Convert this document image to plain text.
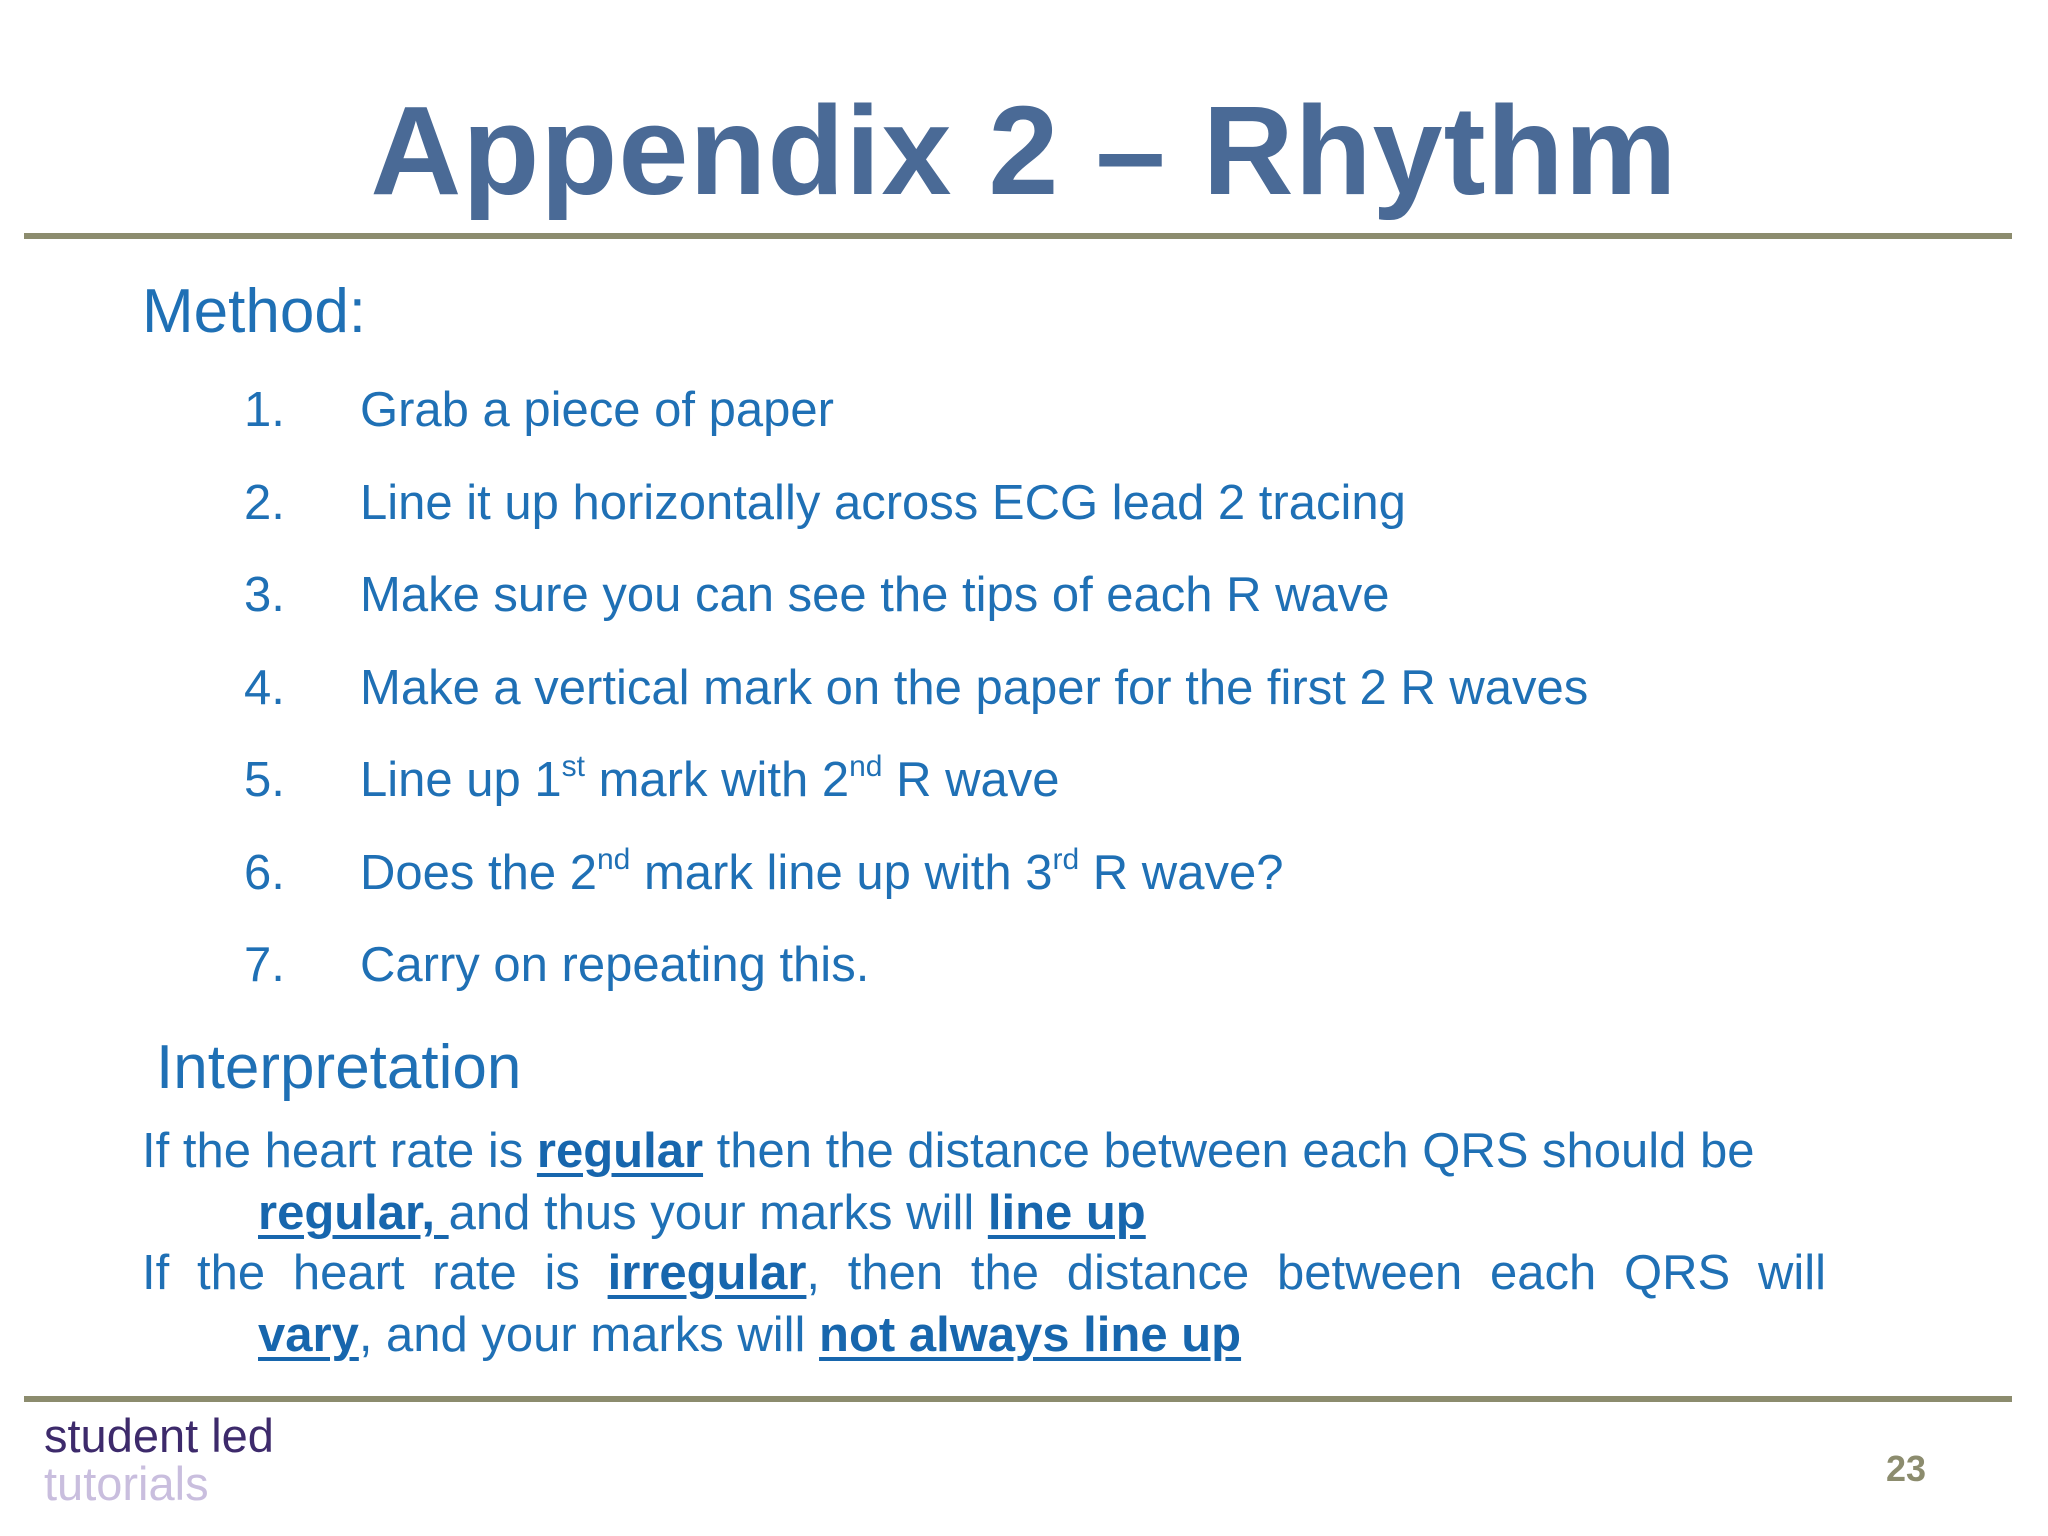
Appendix 2 – Rhythm
Method:
1. Grab a piece of paper
2. Line it up horizontally across ECG lead 2 tracing
3. Make sure you can see the tips of each R wave
4. Make a vertical mark on the paper for the first 2 R waves
5. Line up 1st mark with 2nd R wave
6. Does the 2nd mark line up with 3rd R wave?
7. Carry on repeating this.
Interpretation
If the heart rate is regular then the distance between each QRS should be
regular, and thus your marks will line up
If the heart rate is irregular, then the distance between each QRS will
vary, and your marks will not always line up
student led
tutorials	23
